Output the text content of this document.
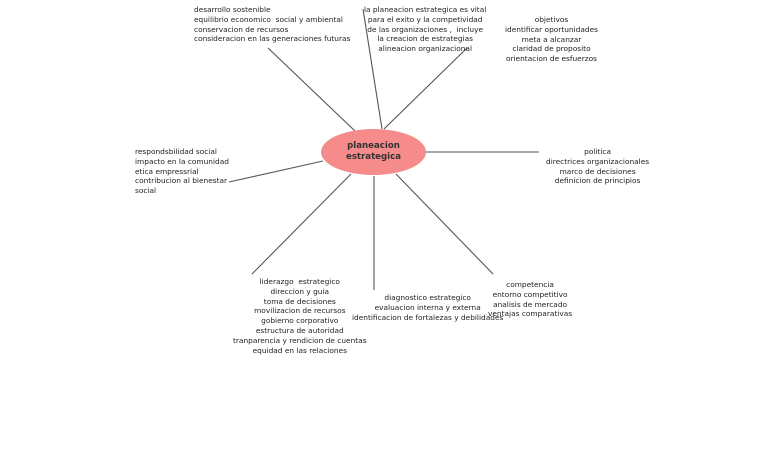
planeacion
estrategica
desarrollo sostenible
equilibrio economico  social y ambiental
conservacion de recursos
consideracion en las generaciones futuras
la planeacion estrategica es vital
para el exito y la competividad
de las organizaciones ,  incluye
la creacion de estrategias
alineacion organizacional
objetivos
identificar oportunidades
meta a alcanzar
claridad de proposito
orientacion de esfuerzos
respondsbilidad social
impacto en la comunidad
etica empressrial
contribucion al bienestar
social
politica
directrices organizacionales
marco de decisiones
definicion de principios
liderazgo  estrategico
direccion y guia
toma de decisiones
movilizacion de recursos
gobierno corporativo
estructura de autoridad
tranparencia y rendicion de cuentas
equidad en las relaciones
diagnostico estrategico
evaluacion interna y externa
identificacion de fortalezas y debilidades
competencia
entorno competitivo
analisis de mercado
ventajas comparativas
